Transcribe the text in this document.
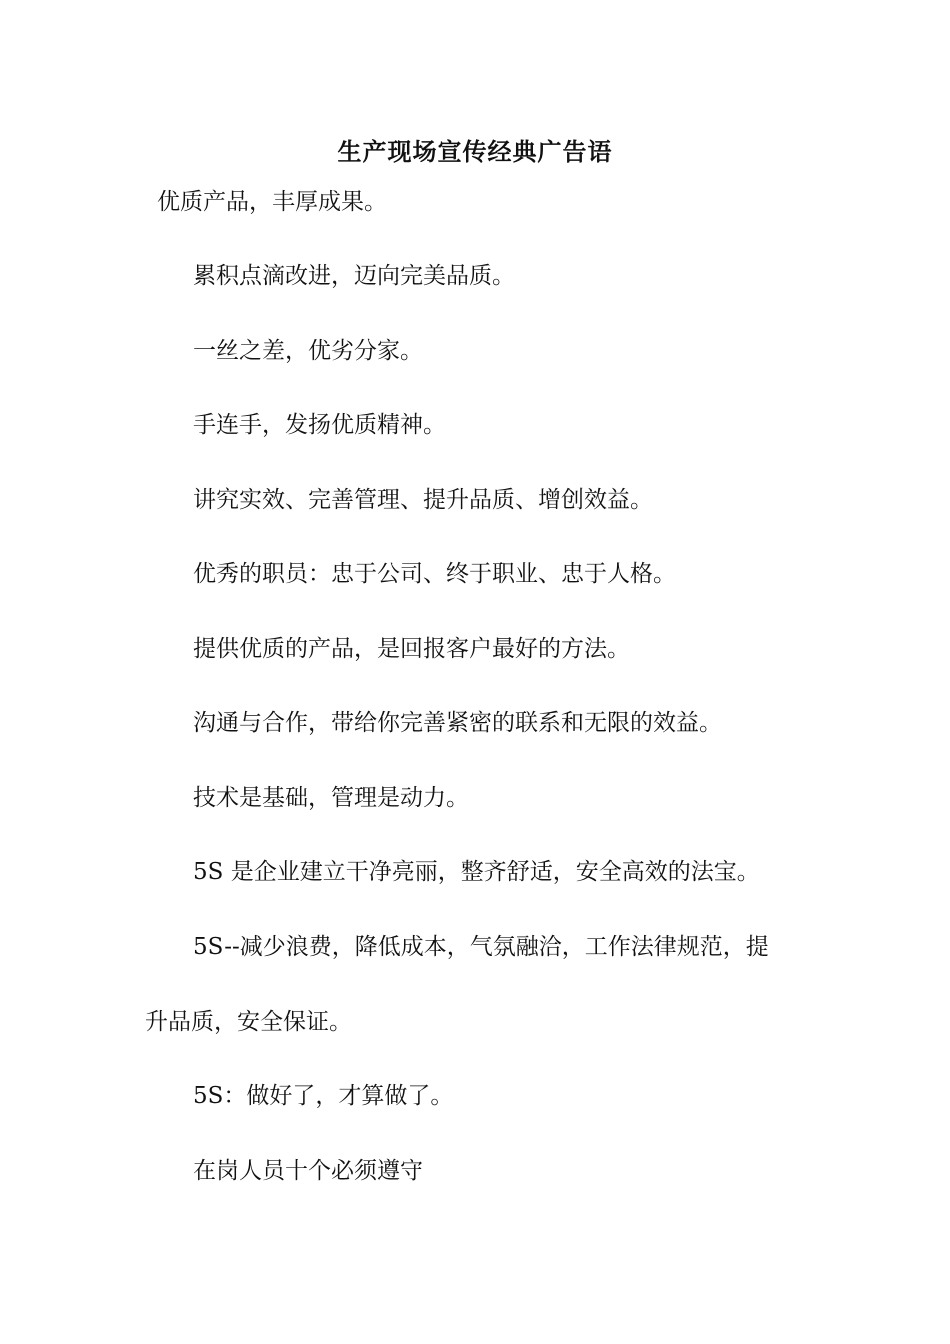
生产现场宣传经典广告语
优质产品，丰厚成果。
累积点滴改进，迈向完美品质。
一丝之差，优劣分家。
手连手，发扬优质精神。
讲究实效、完善管理、提升品质、增创效益。
优秀的职员：忠于公司、终于职业、忠于人格。
提供优质的产品，是回报客户最好的方法。
沟通与合作，带给你完善紧密的联系和无限的效益。
技术是基础，管理是动力。
5S 是企业建立干净亮丽，整齐舒适，安全高效的法宝。
5S--减少浪费，降低成本，气氛融洽，工作法律规范，提
升品质，安全保证。
5S：做好了，才算做了。
在岗人员十个必须遵守
